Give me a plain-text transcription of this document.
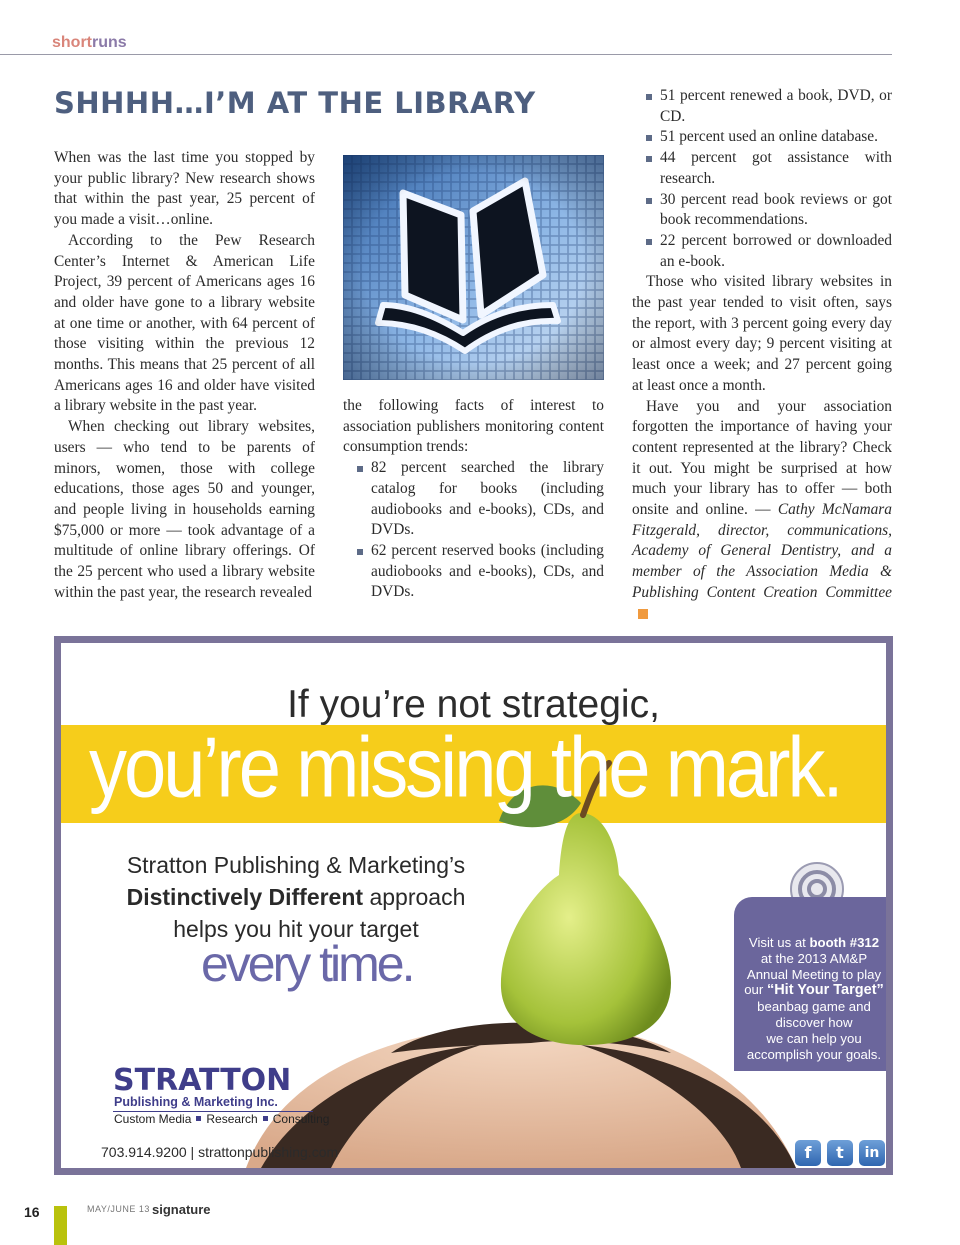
shortruns
SHHHH…I’M AT THE LIBRARY

When was the last time you stopped by your public library? New research shows that within the past year, 25 percent of you made a visit…online.

According to the Pew Research Center’s Internet & American Life Project, 39 percent of Americans ages 16 and older have gone to a library website at one time or another, with 64 percent of those visiting within the previous 12 months. This means that 25 percent of all Americans ages 16 and older have visited a library website in the past year.

When checking out library websites, users — who tend to be parents of minors, women, those with college educations, those ages 50 and younger, and people living in households earning $75,000 or more — took advantage of a multitude of online library offerings. Of the 25 percent who used a library website within the past year, the research revealed

the following facts of interest to association publishers monitoring content consumption trends:

82 percent searched the library catalog for books (including audiobooks and e-books), CDs, and DVDs.
62 percent reserved books (including audiobooks and e-books), CDs, and DVDs.
51 percent renewed a book, DVD, or CD.
51 percent used an online database.
44 percent got assistance with research.
30 percent read book reviews or got book recommendations.
22 percent borrowed or downloaded an e-book.

Those who visited library websites in the past year tended to visit often, says the report, with 3 percent going every day or almost every day; 9 percent visiting at least once a week; and 27 percent going at least once a month.

Have you and your association forgotten the importance of having your content represented at the library? Check it out. You might be surprised at how much your library has to offer — both onsite and online. — Cathy McNamara Fitzgerald, director, communications, Academy of General Dentistry, and a member of the Association Media & Publishing Content Creation Committee

If you’re not strategic,
you’re missing the mark.
Stratton Publishing & Marketing’s
Distinctively Different approach
helps you hit your target
every time.
STRATTON
Publishing & Marketing Inc.
Custom Media Research Consulting
703.914.9200 | strattonpublishing.com
Visit us at booth #312
at the 2013 AM&P
Annual Meeting to play
our “Hit Your Target”
beanbag game and
discover how
we can help you
accomplish your goals.
f	t	in
16	MAY/JUNE 13 signature
